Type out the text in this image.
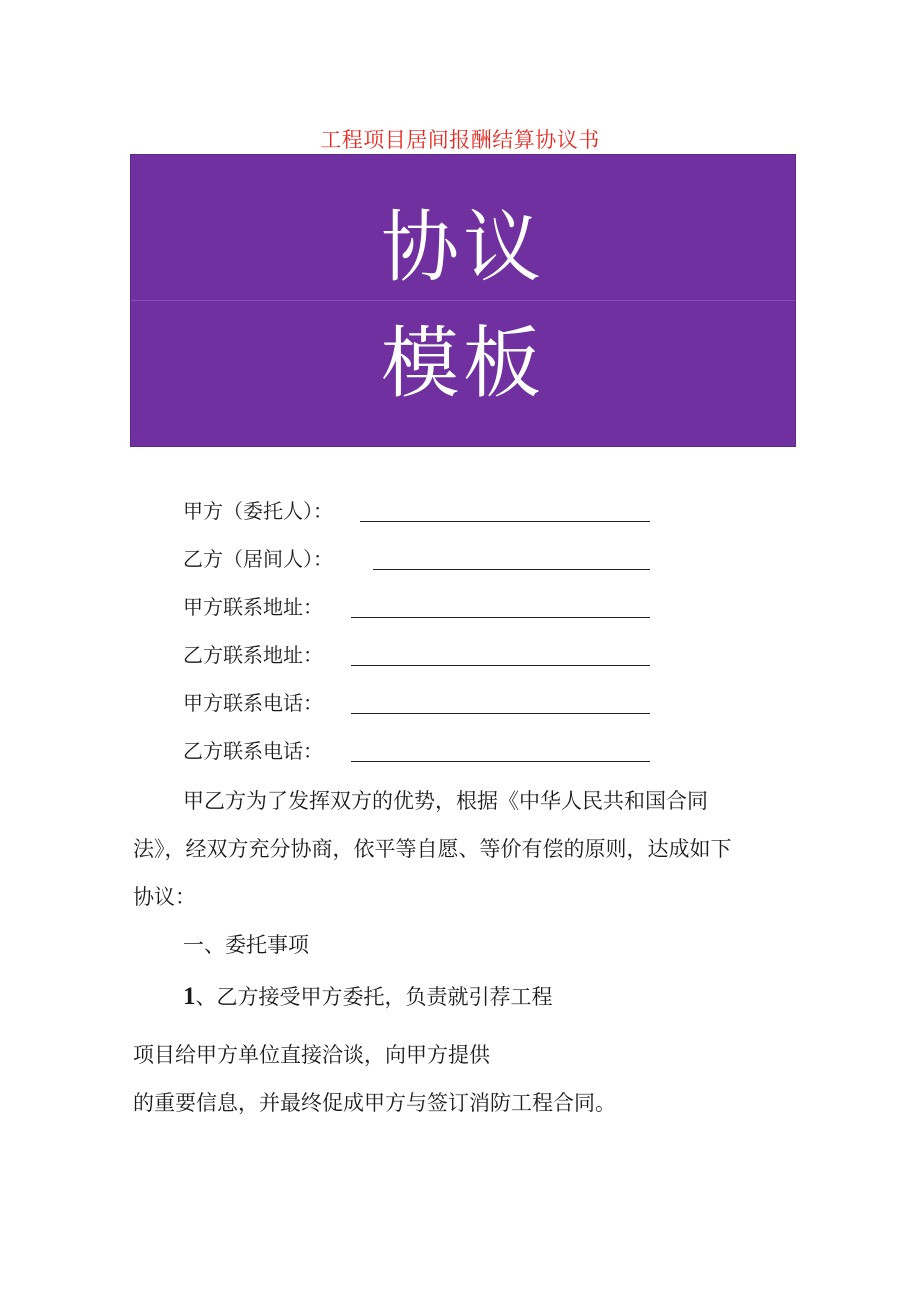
工程项目居间报酬结算协议书
协议
模板
甲方（委托人）：
乙方（居间人）：
甲方联系地址：
乙方联系地址：
甲方联系电话：
乙方联系电话：
甲乙方为了发挥双方的优势，根据《中华人民共和国合同
法》，经双方充分协商，依平等自愿、等价有偿的原则，达成如下
协议：
一、委托事项
1、乙方接受甲方委托，负责就引荐工程
项目给甲方单位直接洽谈，向甲方提供
的重要信息，并最终促成甲方与签订消防工程合同。
